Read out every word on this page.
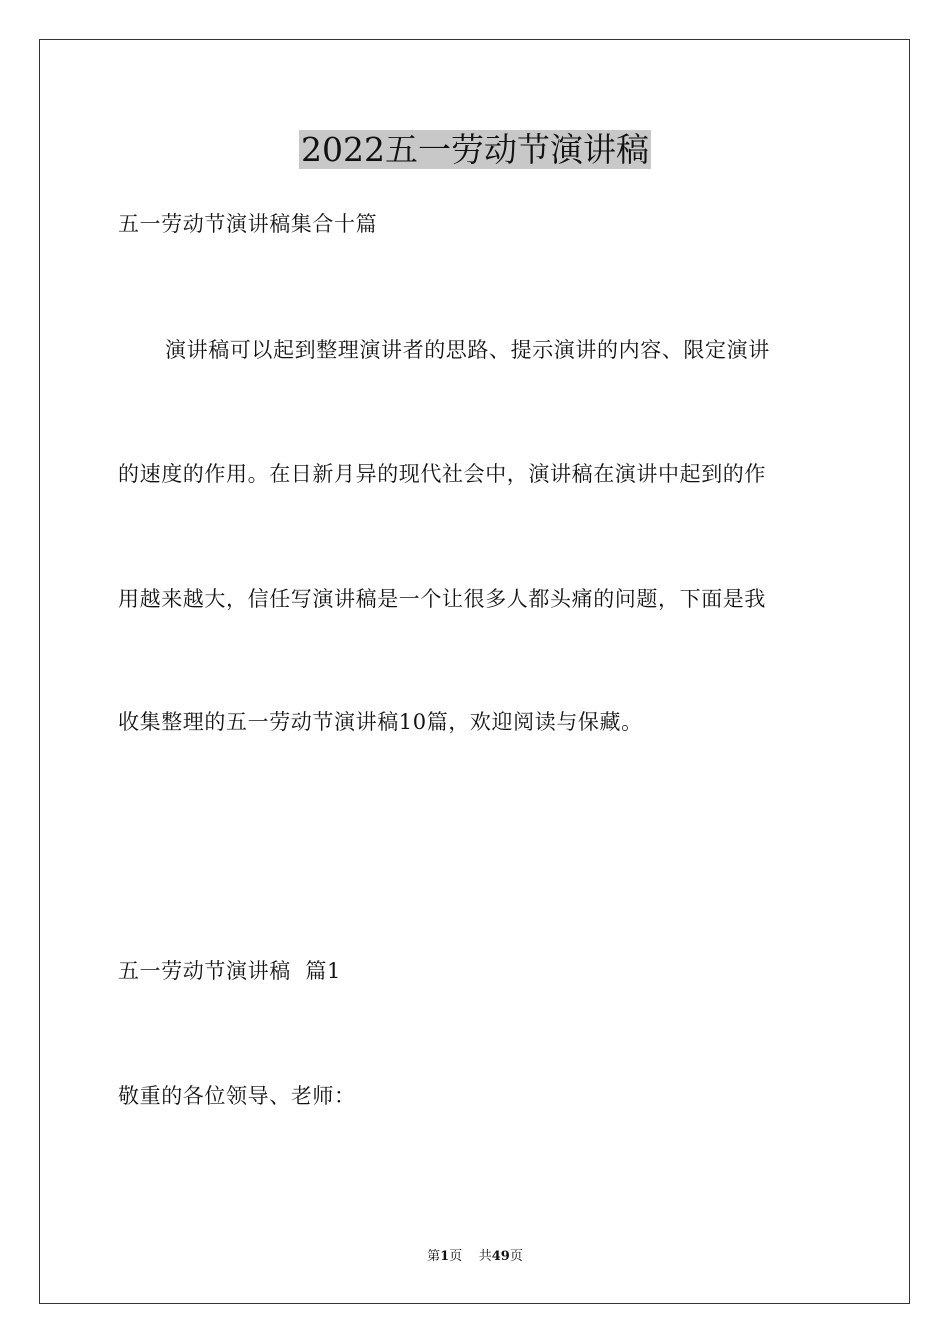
2022五一劳动节演讲稿
五一劳动节演讲稿集合十篇
演讲稿可以起到整理演讲者的思路、提示演讲的内容、限定演讲
的速度的作用。在日新月异的现代社会中，演讲稿在演讲中起到的作
用越来越大，信任写演讲稿是一个让很多人都头痛的问题，下面是我
收集整理的五一劳动节演讲稿10篇，欢迎阅读与保藏。
五一劳动节演讲稿  篇1
敬重的各位领导、老师：
第1页    共49页
